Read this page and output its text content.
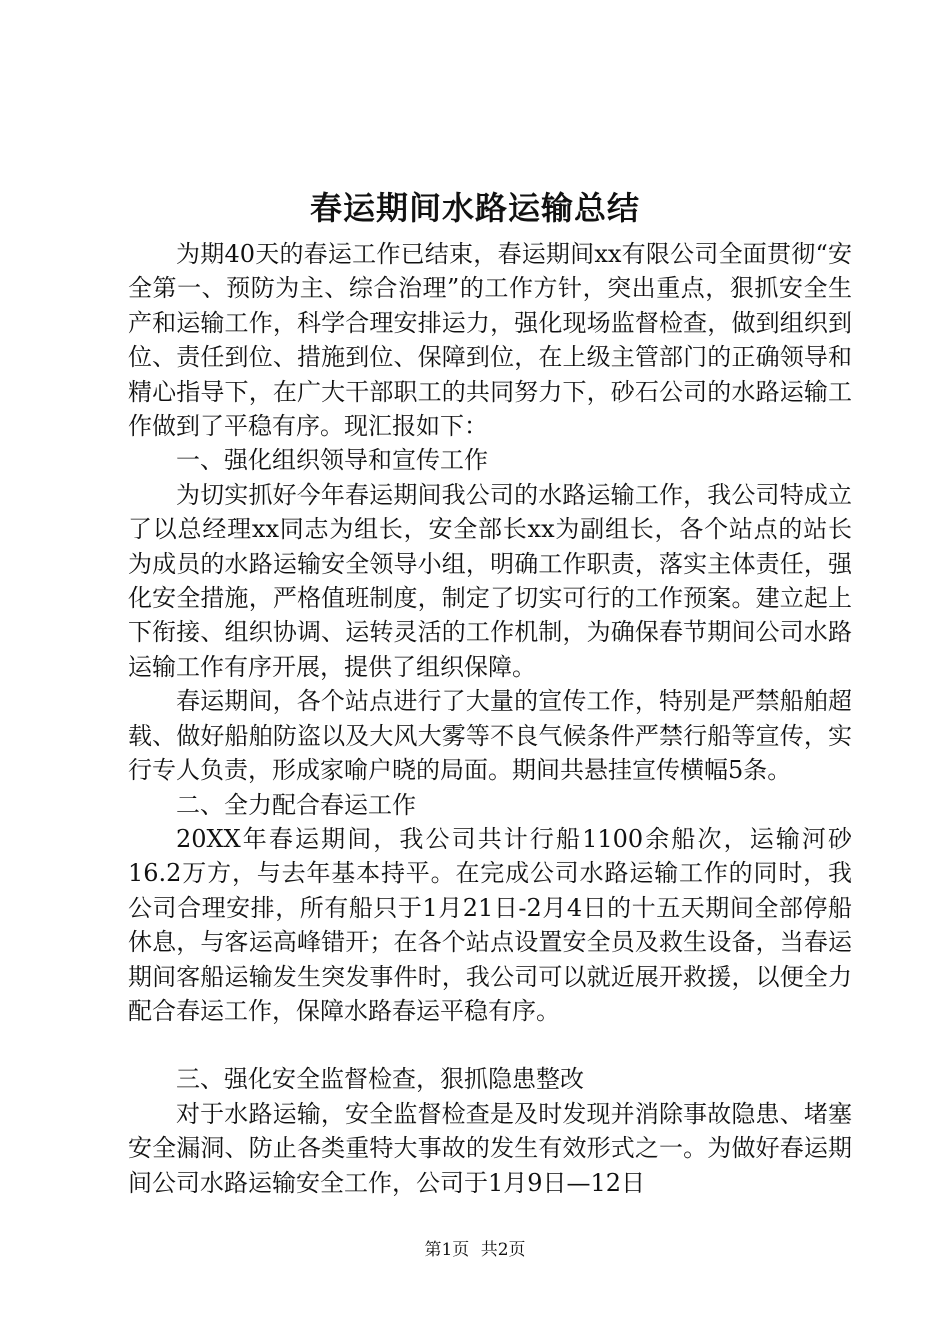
春运期间水路运输总结

为期40天的春运工作已结束，春运期间xx有限公司全面贯彻“安全第一、预防为主、综合治理”的工作方针，突出重点，狠抓安全生产和运输工作，科学合理安排运力，强化现场监督检查，做到组织到位、责任到位、措施到位、保障到位，在上级主管部门的正确领导和精心指导下，在广大干部职工的共同努力下，砂石公司的水路运输工作做到了平稳有序。现汇报如下：

一、强化组织领导和宣传工作

为切实抓好今年春运期间我公司的水路运输工作，我公司特成立了以总经理xx同志为组长，安全部长xx为副组长，各个站点的站长为成员的水路运输安全领导小组，明确工作职责，落实主体责任，强化安全措施，严格值班制度，制定了切实可行的工作预案。建立起上下衔接、组织协调、运转灵活的工作机制，为确保春节期间公司水路运输工作有序开展，提供了组织保障。

春运期间，各个站点进行了大量的宣传工作，特别是严禁船舶超载、做好船舶防盗以及大风大雾等不良气候条件严禁行船等宣传，实行专人负责，形成家喻户晓的局面。期间共悬挂宣传横幅5条。

二、全力配合春运工作

20XX年春运期间，我公司共计行船1100余船次，运输河砂16.2万方，与去年基本持平。在完成公司水路运输工作的同时，我公司合理安排，所有船只于1月21日-2月4日的十五天期间全部停船休息，与客运高峰错开；在各个站点设置安全员及救生设备，当春运期间客船运输发生突发事件时，我公司可以就近展开救援，以便全力配合春运工作，保障水路春运平稳有序。

三、强化安全监督检查，狠抓隐患整改

对于水路运输，安全监督检查是及时发现并消除事故隐患、堵塞安全漏洞、防止各类重特大事故的发生有效形式之一。为做好春运期间公司水路运输安全工作，公司于1月9日—12日

第1页 共2页
